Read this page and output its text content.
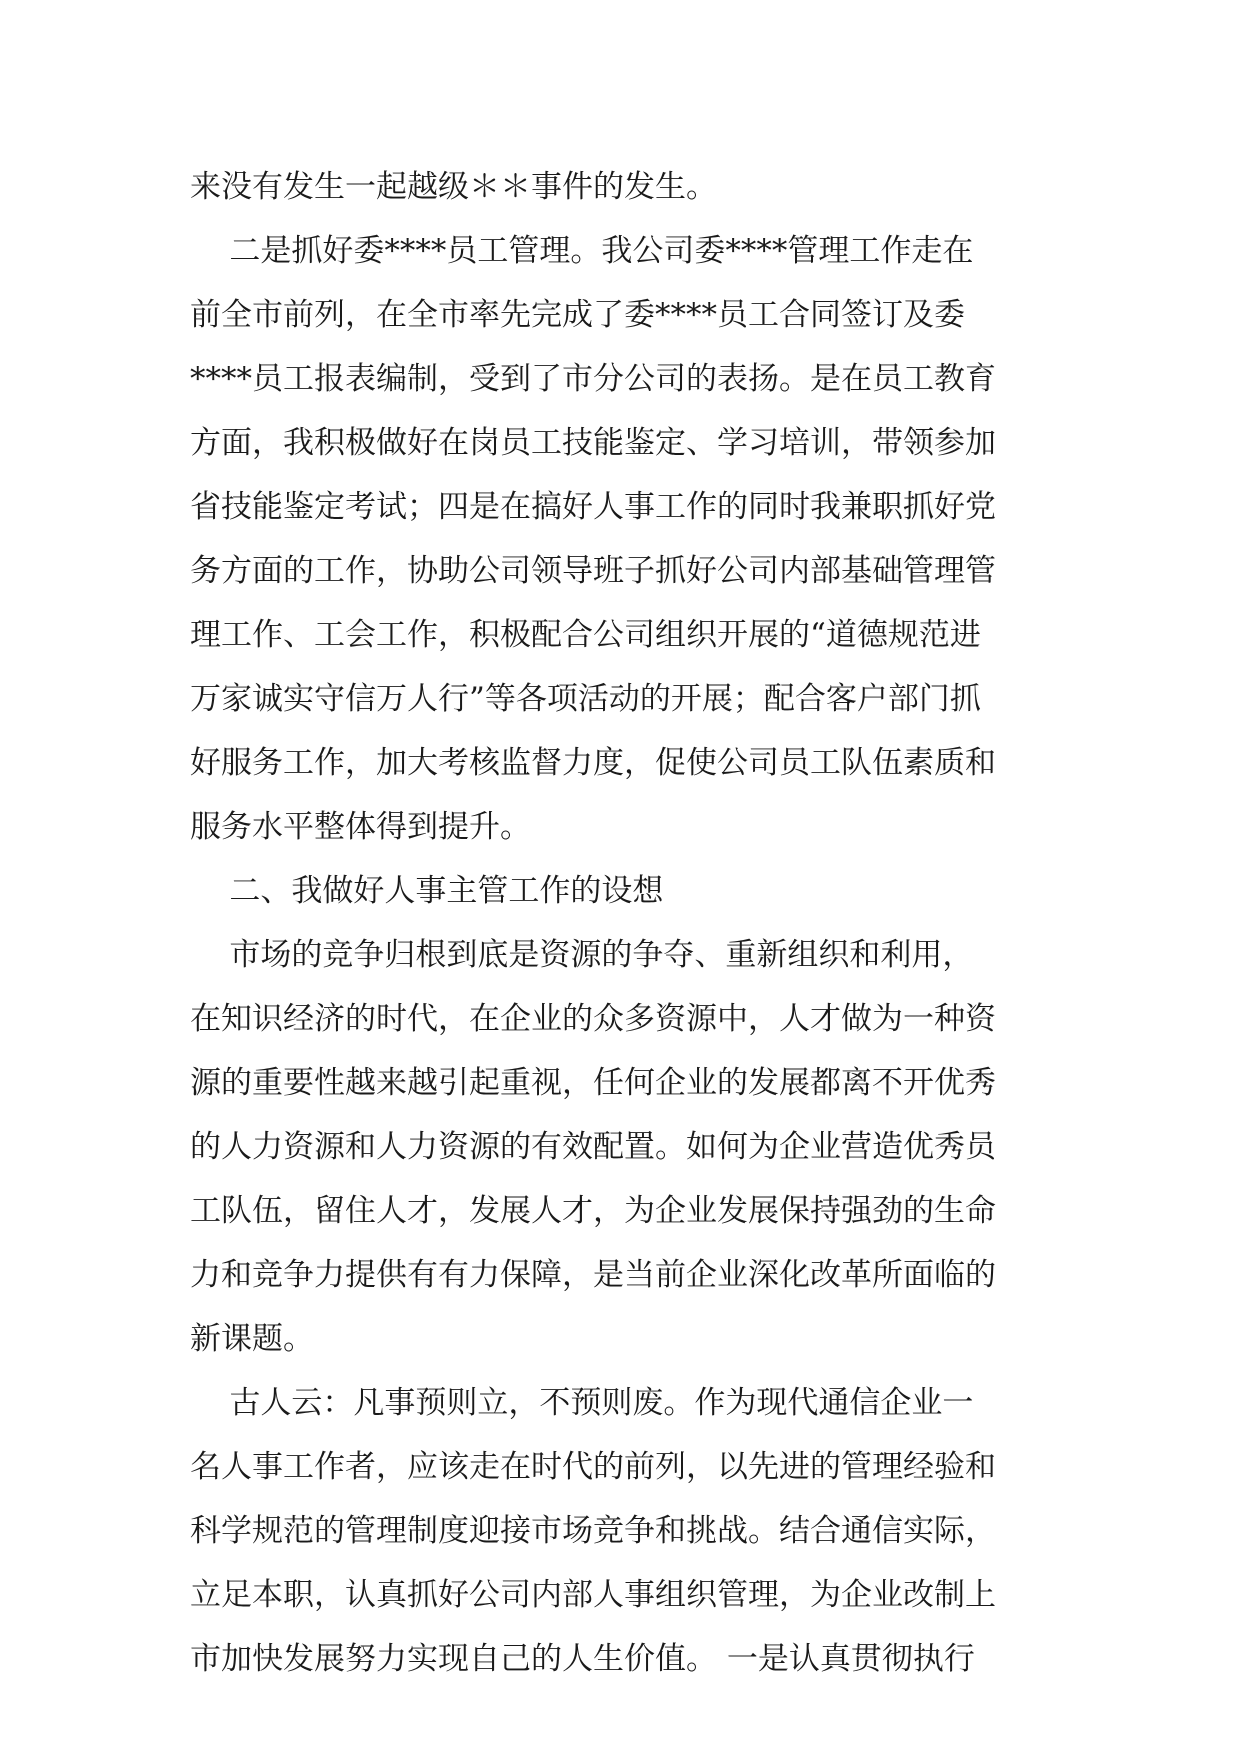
来没有发生一起越级＊＊事件的发生。
二是抓好委****员工管理。我公司委****管理工作走在
前全市前列，在全市率先完成了委****员工合同签订及委
****员工报表编制，受到了市分公司的表扬。是在员工教育
方面，我积极做好在岗员工技能鉴定、学习培训，带领参加
省技能鉴定考试；四是在搞好人事工作的同时我兼职抓好党
务方面的工作，协助公司领导班子抓好公司内部基础管理管
理工作、工会工作，积极配合公司组织开展的“道德规范进
万家诚实守信万人行”等各项活动的开展；配合客户部门抓
好服务工作，加大考核监督力度，促使公司员工队伍素质和
服务水平整体得到提升。
二、我做好人事主管工作的设想
市场的竞争归根到底是资源的争夺、重新组织和利用，
在知识经济的时代，在企业的众多资源中，人才做为一种资
源的重要性越来越引起重视，任何企业的发展都离不开优秀
的人力资源和人力资源的有效配置。如何为企业营造优秀员
工队伍，留住人才，发展人才，为企业发展保持强劲的生命
力和竞争力提供有有力保障，是当前企业深化改革所面临的
新课题。
古人云：凡事预则立，不预则废。作为现代通信企业一
名人事工作者，应该走在时代的前列，以先进的管理经验和
科学规范的管理制度迎接市场竞争和挑战。结合通信实际，
立足本职，认真抓好公司内部人事组织管理，为企业改制上
市加快发展努力实现自己的人生价值。 一是认真贯彻执行
